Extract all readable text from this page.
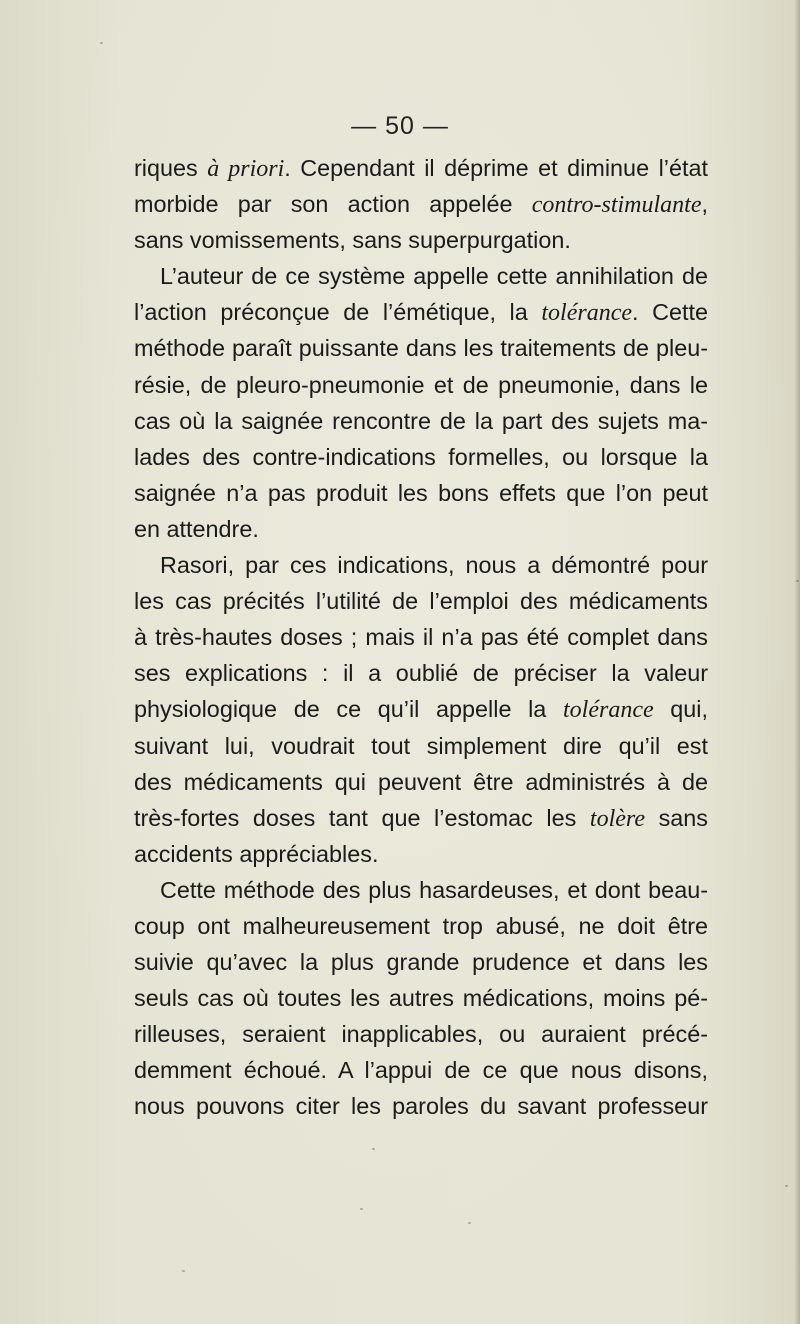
— 50 —
riques à priori. Cependant il déprime et diminue l’état
morbide par son action appelée contro-stimulante,
sans vomissements, sans superpurgation.
L’auteur de ce système appelle cette annihilation de
l’action préconçue de l’émétique, la tolérance. Cette
méthode paraît puissante dans les traitements de pleu-
résie, de pleuro-pneumonie et de pneumonie, dans le
cas où la saignée rencontre de la part des sujets ma-
lades des contre-indications formelles, ou lorsque la
saignée n’a pas produit les bons effets que l’on peut
en attendre.
Rasori, par ces indications, nous a démontré pour
les cas précités l’utilité de l’emploi des médicaments
à très-hautes doses ; mais il n’a pas été complet dans
ses explications : il a oublié de préciser la valeur
physiologique de ce qu’il appelle la tolérance qui,
suivant lui, voudrait tout simplement dire qu’il est
des médicaments qui peuvent être administrés à de
très-fortes doses tant que l’estomac les tolère sans
accidents appréciables.
Cette méthode des plus hasardeuses, et dont beau-
coup ont malheureusement trop abusé, ne doit être
suivie qu’avec la plus grande prudence et dans les
seuls cas où toutes les autres médications, moins pé-
rilleuses, seraient inapplicables, ou auraient précé-
demment échoué. A l’appui de ce que nous disons,
nous pouvons citer les paroles du savant professeur
